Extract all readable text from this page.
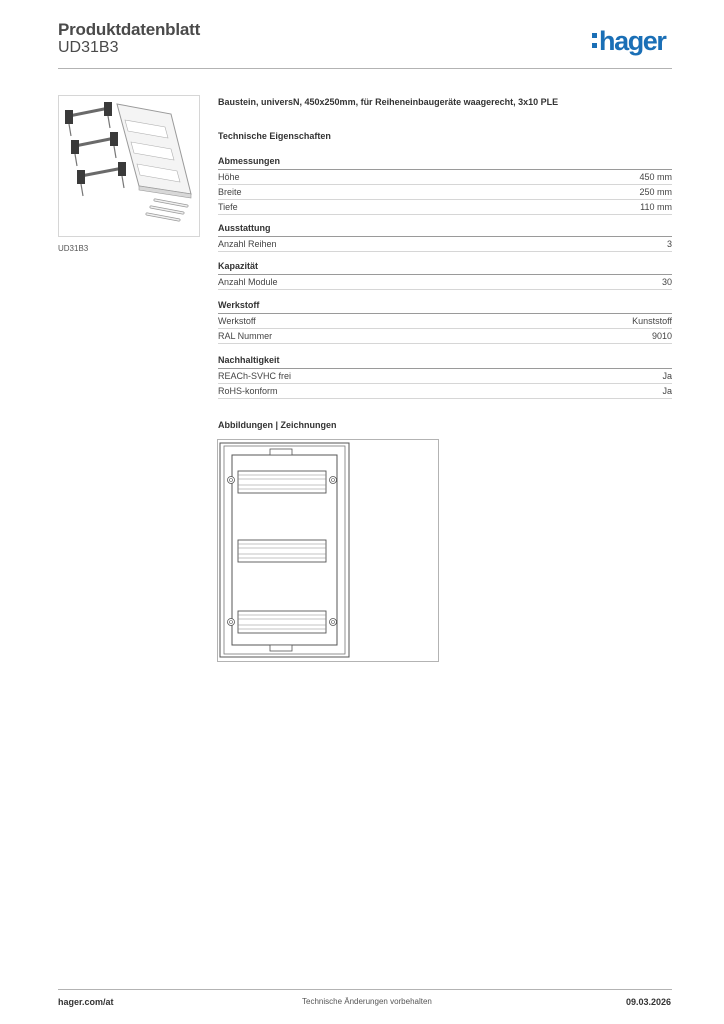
Produktdatenblatt
UD31B3	hager
UD31B3
Baustein, universN, 450x250mm, für Reiheneinbaugeräte waagerecht, 3x10 PLE
Technische Eigenschaften
Abmessungen
Höhe	450 mm
Breite	250 mm
Tiefe	110 mm
Ausstattung
Anzahl Reihen	3
Kapazität
Anzahl Module	30
Werkstoff
Werkstoff	Kunststoff
RAL Nummer	9010
Nachhaltigkeit
REACh-SVHC frei	Ja
RoHS-konform	Ja
Abbildungen | Zeichnungen
hager.com/at	Technische Änderungen vorbehalten	09.03.2026
